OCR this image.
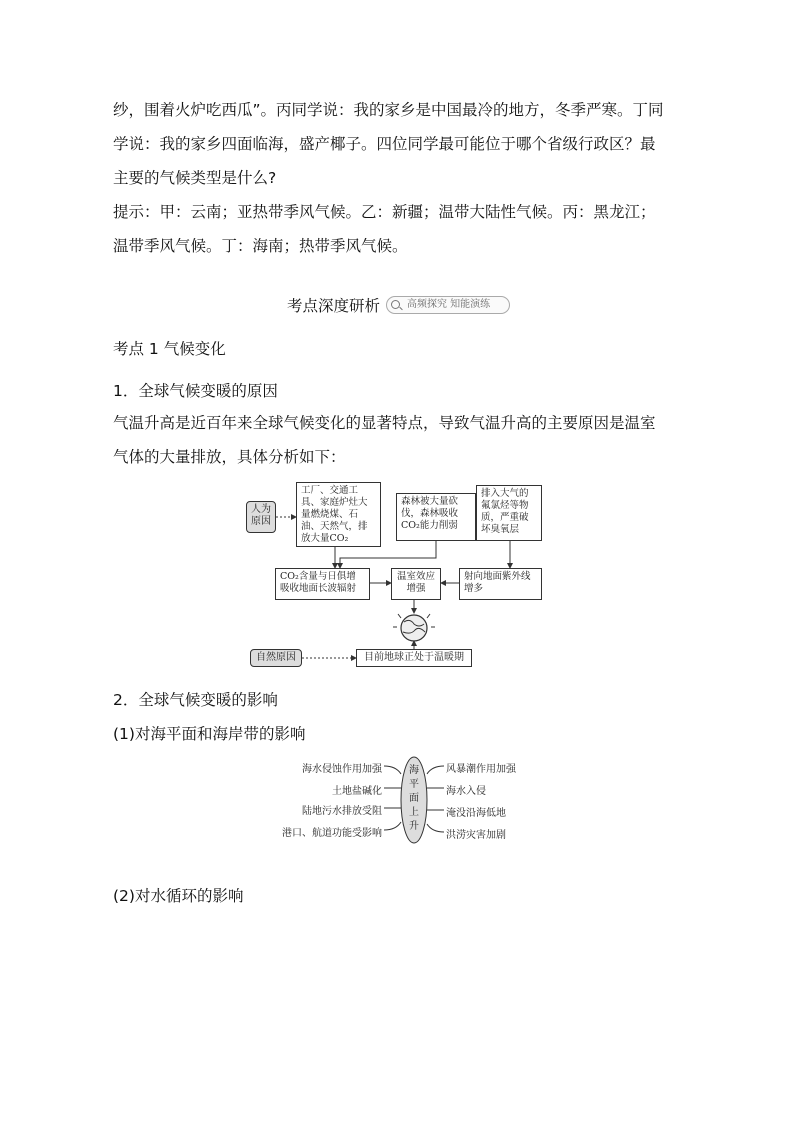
纱，围着火炉吃西瓜”。丙同学说：我的家乡是中国最冷的地方，冬季严寒。丁同
学说：我的家乡四面临海，盛产椰子。四位同学最可能位于哪个省级行政区？最
主要的气候类型是什么?
提示：甲：云南；亚热带季风气候。乙：新疆；温带大陆性气候。丙：黑龙江；
温带季风气候。丁：海南；热带季风气候。
考点深度研析	高频探究 知能演练
考点 1 气候变化
1．全球气候变暖的原因
气温升高是近百年来全球气候变化的显著特点，导致气温升高的主要原因是温室
气体的大量排放，具体分析如下：
人为原因
工厂、交通工具、家庭炉灶大量燃烧煤、石油、天然气，排放大量CO₂
森林被大量砍伐，森林吸收CO₂能力削弱
排入大气的氟氯烃等物质，严重破坏臭氧层
CO₂含量与日俱增吸收地面长波辐射
温室效应增强
射向地面紫外线增多
自然原因	目前地球正处于温暖期
2．全球气候变暖的影响
(1)对海平面和海岸带的影响
海平面上升
海水侵蚀作用加强
土地盐碱化
陆地污水排放受阻
港口、航道功能受影响
风暴潮作用加强
海水入侵
淹没沿海低地
洪涝灾害加剧
(2)对水循环的影响
